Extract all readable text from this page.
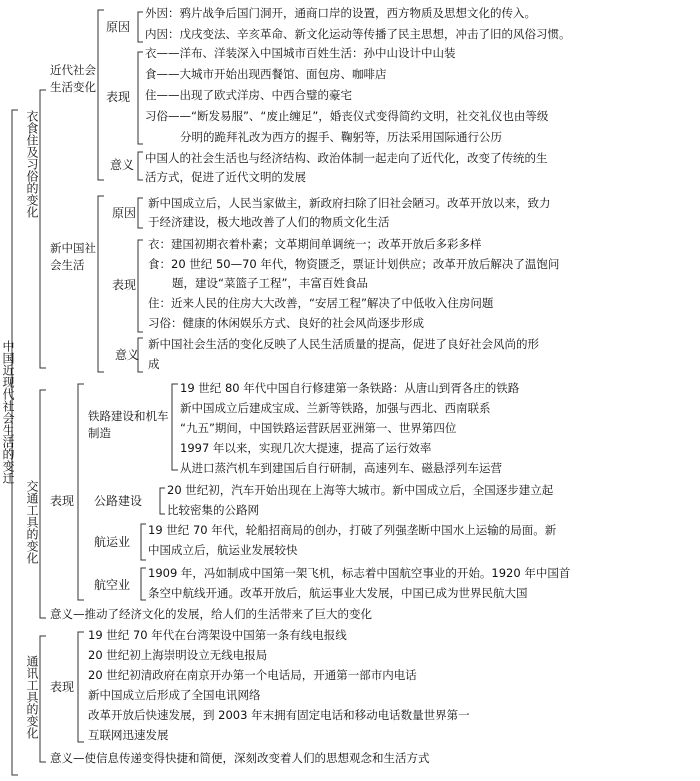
中国近现代社会生活的变迁
衣食住及习俗的变化
近代社会生活变化
原因
外因：鸦片战争后国门洞开，通商口岸的设置，西方物质及思想文化的传入。
内因：戊戌变法、辛亥革命、新文化运动等传播了民主思想，冲击了旧的风俗习惯。
表现
衣——洋布、洋装深入中国城市百姓生活：孙中山设计中山装
食——大城市开始出现西餐馆、面包房、咖啡店
住——出现了欧式洋房、中西合璧的豪宅
习俗——“断发易服”、“废止缠足”，婚丧仪式变得简约文明，社交礼仪也由等级
分明的跪拜礼改为西方的握手、鞠躬等，历法采用国际通行公历
意义 中国人的社会生活也与经济结构、政治体制一起走向了近代化，改变了传统的生
活方式，促进了近代文明的发展
新中国社会生活
原因
新中国成立后，人民当家做主，新政府扫除了旧社会陋习。改革开放以来，致力
于经济建设，极大地改善了人们的物质文化生活
表现
衣：建国初期衣着朴素；文革期间单调统一；改革开放后多彩多样
食：20 世纪 50—70 年代，物资匮乏，票证计划供应；改革开放后解决了温饱问
题，建设“菜篮子工程”，丰富百姓食品
住：近来人民的住房大大改善，“安居工程”解决了中低收入住房问题
习俗：健康的休闲娱乐方式、良好的社会风尚逐步形成
意义
新中国社会生活的变化反映了人民生活质量的提高，促进了良好社会风尚的形
成
交通工具的变化 表现
铁路建设和机车制造
19 世纪 80 年代中国自行修建第一条铁路：从唐山到胥各庄的铁路
新中国成立后建成宝成、兰新等铁路，加强与西北、西南联系
“九五”期间，中国铁路运营跃居亚洲第一、世界第四位
1997 年以来，实现几次大提速，提高了运行效率
从进口蒸汽机车到建国后自行研制，高速列车、磁悬浮列车运营
公路建设
20 世纪初，汽车开始出现在上海等大城市。新中国成立后，全国逐步建立起
比较密集的公路网
航运业
19 世纪 70 年代，轮船招商局的创办，打破了列强垄断中国水上运输的局面。新
中国成立后，航运业发展较快
航空业
1909 年，冯如制成中国第一架飞机，标志着中国航空事业的开始。1920 年中国首
条空中航线开通。改革开放后，航运事业大发展，中国已成为世界民航大国
意义—推动了经济文化的发展，给人们的生活带来了巨大的变化
通讯工具的变化 表现
19 世纪 70 年代在台湾架设中国第一条有线电报线
20 世纪初上海崇明设立无线电报局
20 世纪初清政府在南京开办第一个电话局，开通第一部市内电话
新中国成立后形成了全国电讯网络
改革开放后快速发展，到 2003 年末拥有固定电话和移动电话数量世界第一
互联网迅速发展
意义—使信息传递变得快捷和简便，深刻改变着人们的思想观念和生活方式
